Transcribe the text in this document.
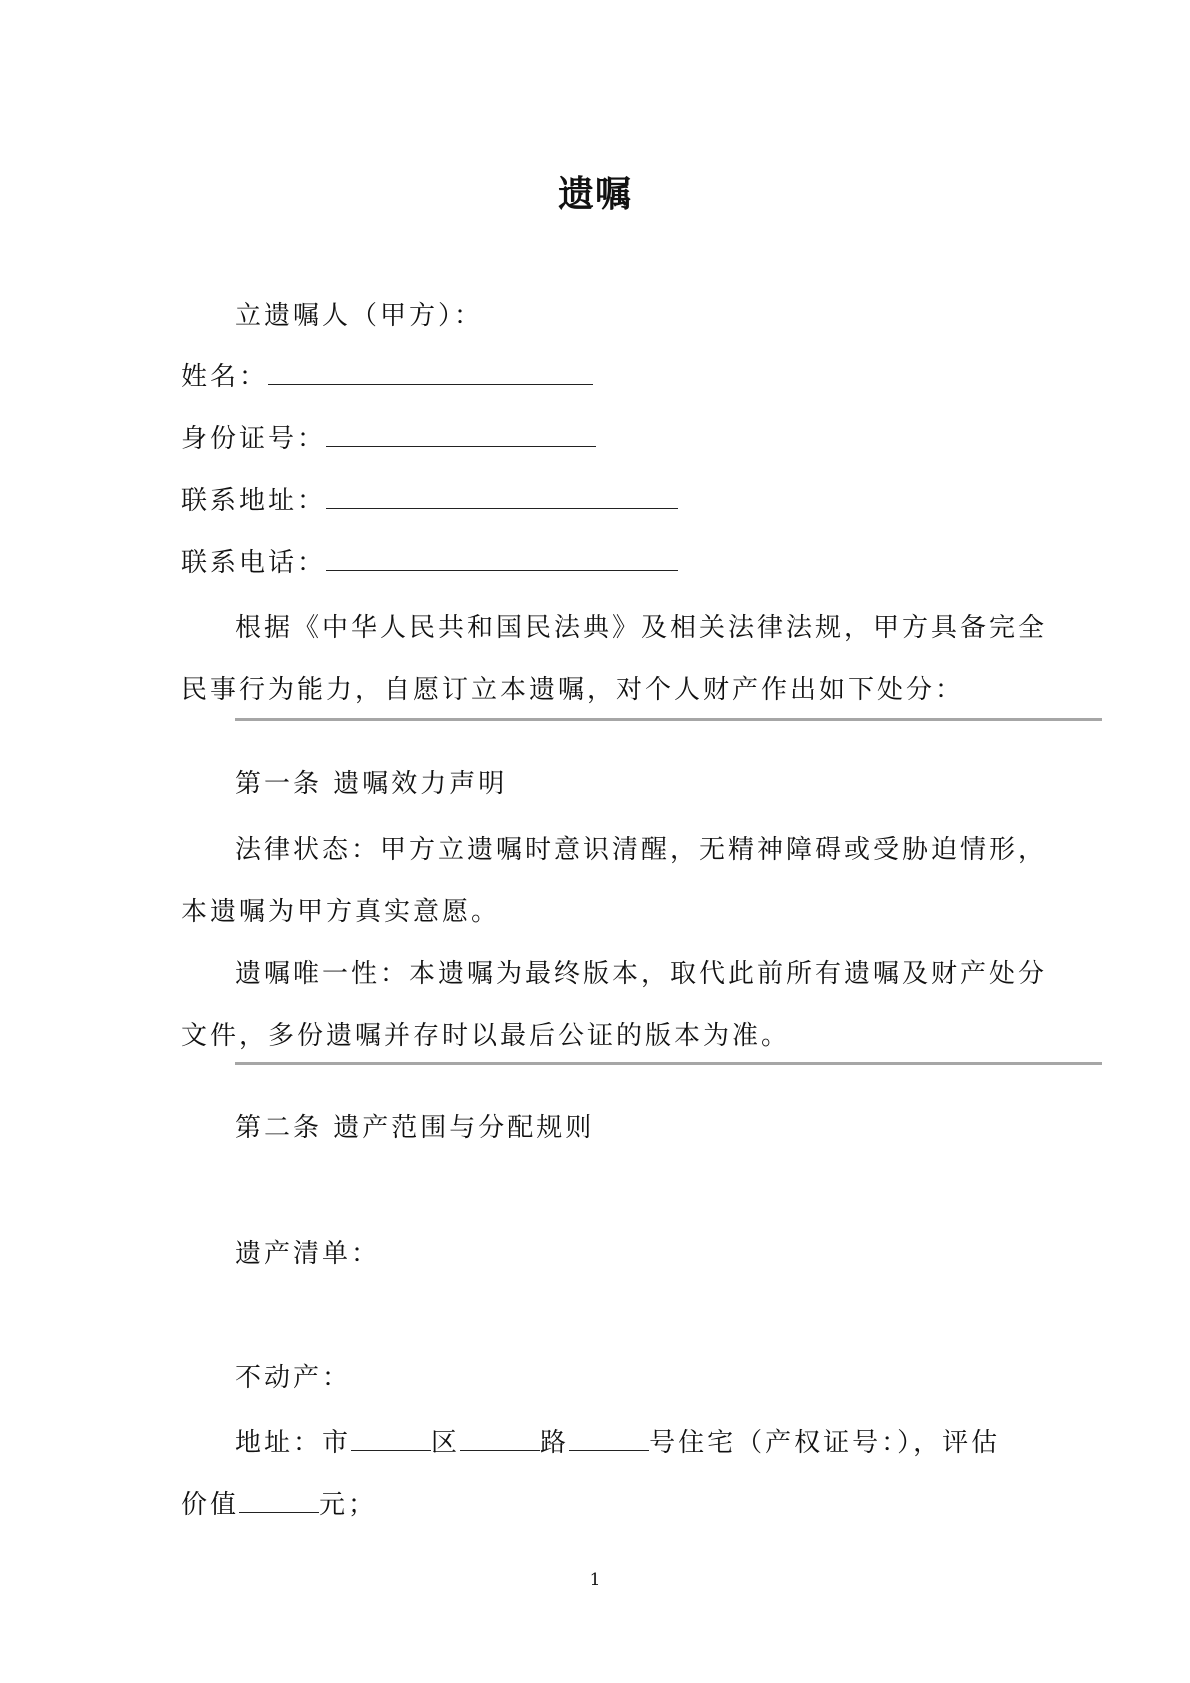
遗嘱
立遗嘱人（甲方）：
姓名：
身份证号：
联系地址：
联系电话：
根据《中华人民共和国民法典》及相关法律法规，甲方具备完全
民事行为能力，自愿订立本遗嘱，对个人财产作出如下处分：
第一条 遗嘱效力声明
法律状态：甲方立遗嘱时意识清醒，无精神障碍或受胁迫情形，
本遗嘱为甲方真实意愿。
遗嘱唯一性：本遗嘱为最终版本，取代此前所有遗嘱及财产处分
文件，多份遗嘱并存时以最后公证的版本为准。
第二条 遗产范围与分配规则
遗产清单：
不动产：
地址：市	区	路	号住宅（产权证号：），评估
价值	元；
1
